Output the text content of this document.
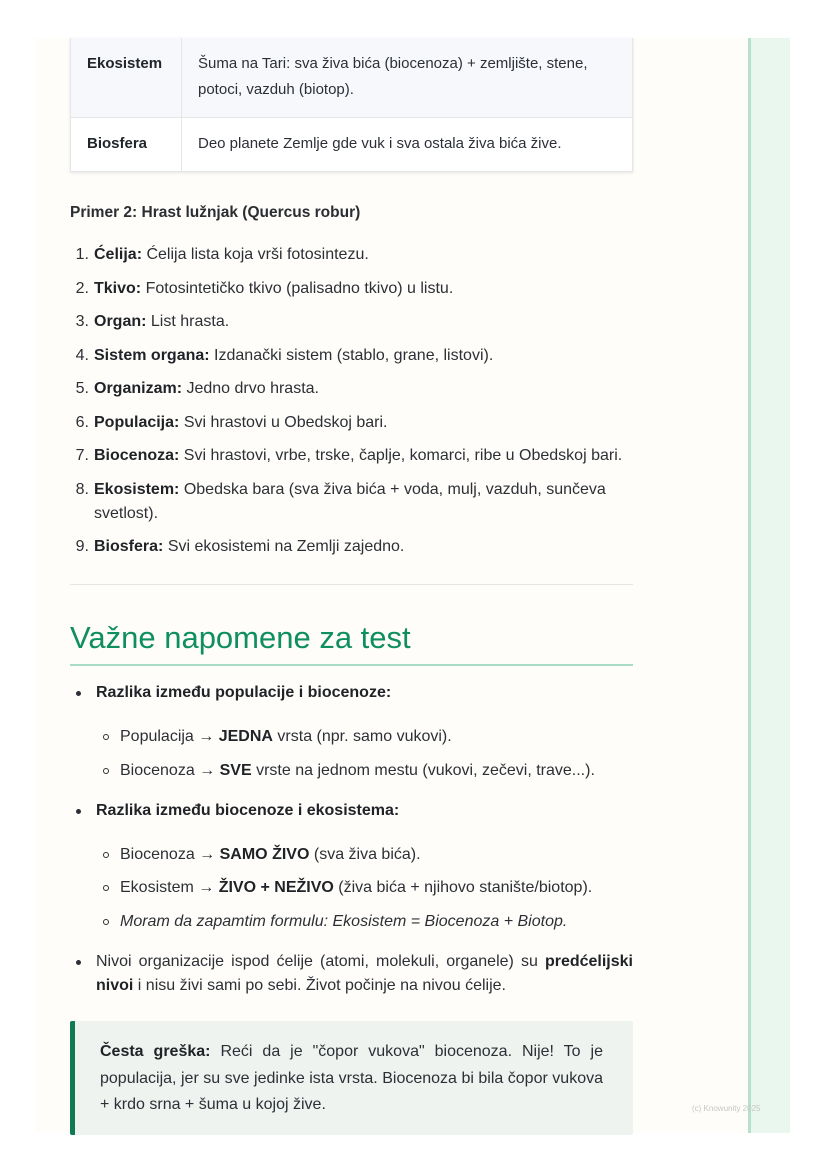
Ekosistem	Šuma na Tari: sva živa bića (biocenoza) + zemljište, stene, potoci, vazduh (biotop).
Biosfera	Deo planete Zemlje gde vuk i sva ostala živa bića žive.
Primer 2: Hrast lužnjak (Quercus robur)
1. Ćelija: Ćelija lista koja vrši fotosintezu.
2. Tkivo: Fotosintetičko tkivo (palisadno tkivo) u listu.
3. Organ: List hrasta.
4. Sistem organa: Izdanački sistem (stablo, grane, listovi).
5. Organizam: Jedno drvo hrasta.
6. Populacija: Svi hrastovi u Obedskoj bari.
7. Biocenoza: Svi hrastovi, vrbe, trske, čaplje, komarci, ribe u Obedskoj bari.
8. Ekosistem: Obedska bara (sva živa bića + voda, mulj, vazduh, sunčeva svetlost).
9. Biosfera: Svi ekosistemi na Zemlji zajedno.
Važne napomene za test
Razlika između populacije i biocenoze:
Populacija → JEDNA vrsta (npr. samo vukovi).
Biocenoza → SVE vrste na jednom mestu (vukovi, zečevi, trave...).
Razlika između biocenoze i ekosistema:
Biocenoza → SAMO ŽIVO (sva živa bića).
Ekosistem → ŽIVO + NEŽIVO (živa bića + njihovo stanište/biotop).
Moram da zapamtim formulu: Ekosistem = Biocenoza + Biotop.
Nivoi organizacije ispod ćelije (atomi, molekuli, organele) su predćelijski nivoi i nisu živi sami po sebi. Život počinje na nivou ćelije.
Česta greška: Reći da je "čopor vukova" biocenoza. Nije! To je populacija, jer su sve jedinke ista vrsta. Biocenoza bi bila čopor vukova + krdo srna + šuma u kojoj žive.	(c) Knowunity 2025
